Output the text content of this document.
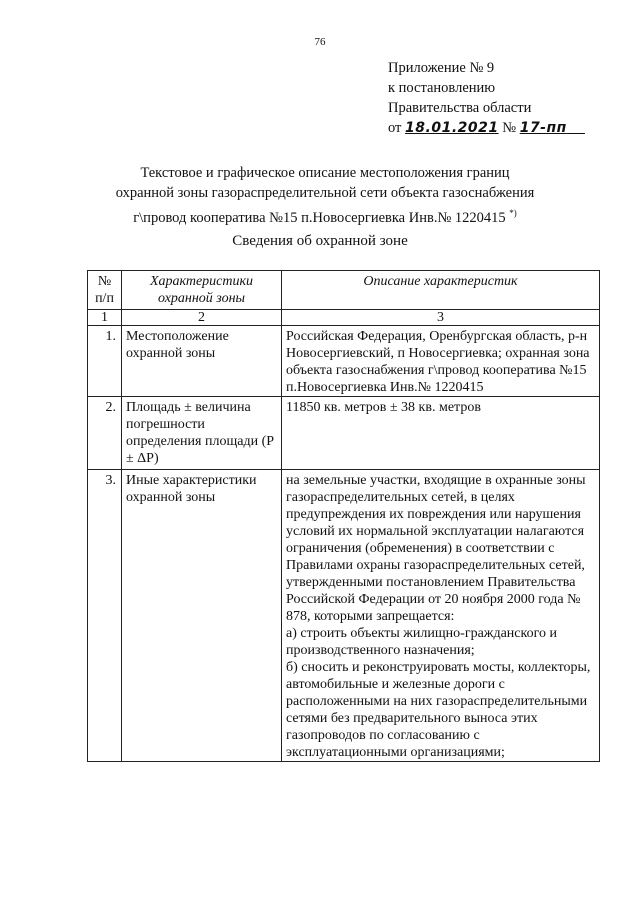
76
Приложение № 9
к постановлению
Правительства области
от 18.01.2021 № 17-пп
Текстовое и графическое описание местоположения границ
охранной зоны газораспределительной сети объекта газоснабжения
г\провод кооператива №15 п.Новосергиевка Инв.№ 1220415 *)
Сведения об охранной зоне
№ п/п	Характеристики охранной зоны	Описание характеристик
1	2	3
1.	Местоположение охранной зоны	Российская Федерация, Оренбургская область, р-н Новосергиевский, п Новосергиевка; охранная зона объекта газоснабжения г\провод кооператива №15 п.Новосергиевка Инв.№ 1220415
2.	Площадь ± величина погрешности определения площади (P ± ΔP)	11850 кв. метров ± 38 кв. метров
3.	Иные характеристики охранной зоны	на земельные участки, входящие в охранные зоны газораспределительных сетей, в целях предупреждения их повреждения или нарушения условий их нормальной эксплуатации налагаются ограничения (обременения) в соответствии с Правилами охраны газораспределительных сетей, утвержденными постановлением Правительства Российской Федерации от 20 ноября 2000 года № 878, которыми запрещается:
а) строить объекты жилищно-гражданского и производственного назначения;
б) сносить и реконструировать мосты, коллекторы, автомобильные и железные дороги с расположенными на них газораспределительными сетями без предварительного выноса этих газопроводов по согласованию с эксплуатационными организациями;
